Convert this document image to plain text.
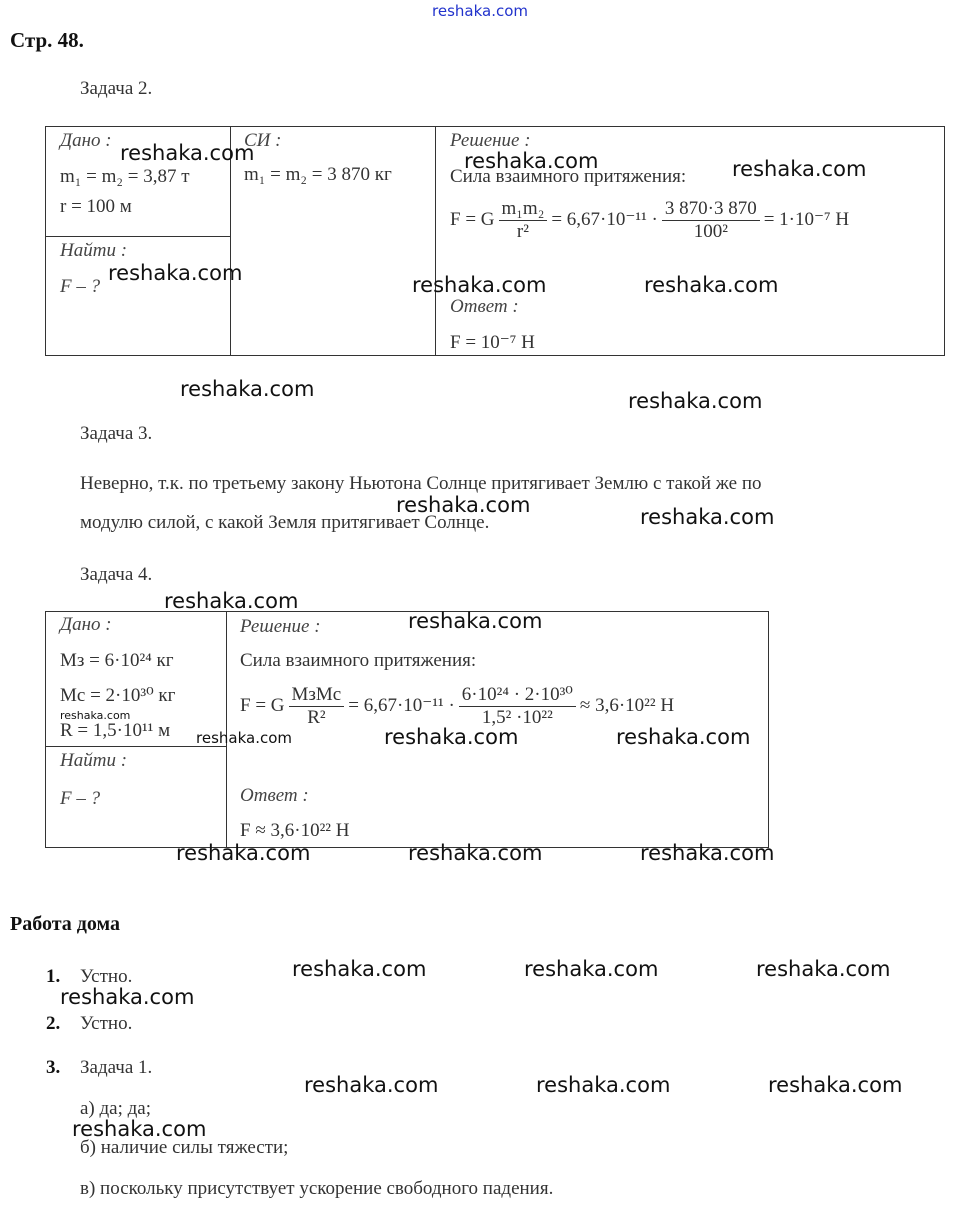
reshaka.com
Стр. 48.
Задача 2.
Дано :
m₁ = m₂ = 3,87 т
r = 100 м
Найти :
F – ?
СИ :
m₁ = m₂ = 3 870 кг
Решение :
Сила взаимного притяжения:
F = G $\frac{\text{m₁m₂}}{\text{r²}} = 6,67\cdot 10^{-11} \cdot \frac{3 870\cdot 3 870}{\text{100²}} = 1\cdot 10^{-7}$ Н
Ответ :
F = 10⁻⁷ Н
Задача 3.
Неверно, т.к. по третьему закону Ньютона Солнце притягивает Землю с такой же по
модулю силой, с какой Земля притягивает Солнце.
Задача 4.
Дано :
Mз = 6·10²⁴ кг
Mс = 2·10³⁰ кг
R = 1,5·10¹¹ м
Найти :
F – ?
Решение :
Сила взаимного притяжения:
F = G $\frac{\text{MзMс}}{\text{R²}} = 6,67\cdot 10^{-11} \cdot \frac{\text{6·10²⁴ · 2·10³⁰}}{\text{1,5² ·10²²}} \approx 3,6\cdot 10^{22}$ Н
Ответ :
F ≈ 3,6·10²² Н
Работа дома
1. Устно.
2. Устно.
3. Задача 1.
а) да; да;
б) наличие силы тяжести;
в) поскольку присутствует ускорение свободного падения.
reshaka.com	reshaka.com	reshaka.com
reshaka.com	reshaka.com	reshaka.com
reshaka.com	reshaka.com
reshaka.com	reshaka.com
reshaka.com
reshaka.com
reshaka.com
reshaka.com	reshaka.com	reshaka.com
reshaka.com	reshaka.com	reshaka.com
reshaka.com	reshaka.com	reshaka.com
reshaka.com
reshaka.com	reshaka.com	reshaka.com
reshaka.com
